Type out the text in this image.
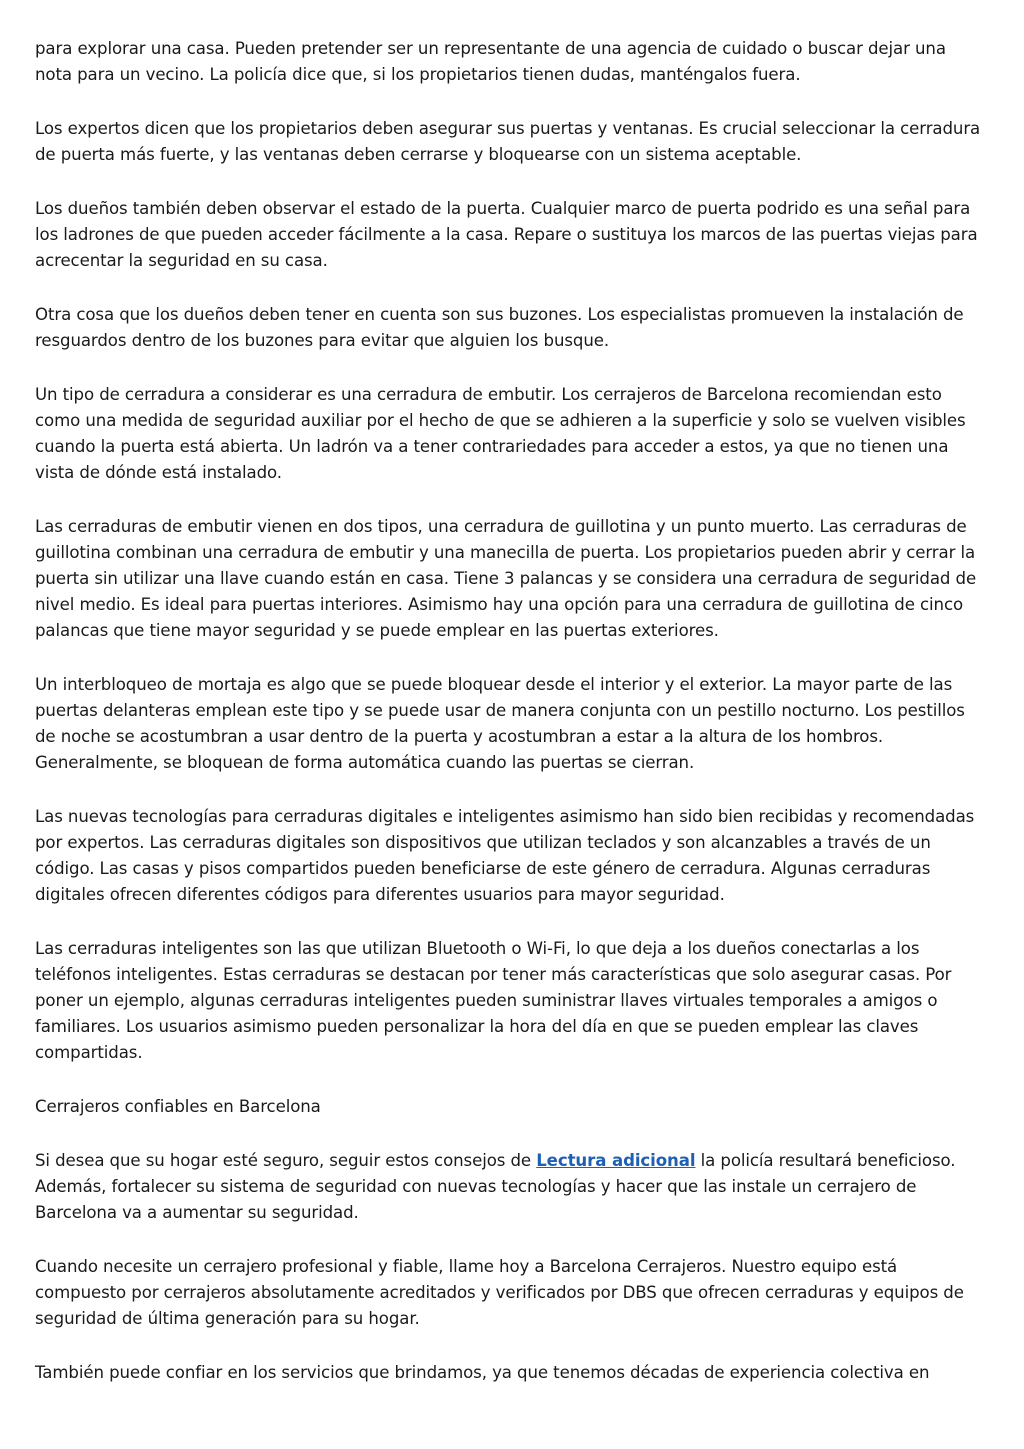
para explorar una casa. Pueden pretender ser un representante de una agencia de cuidado o buscar dejar una nota para un vecino. La policía dice que, si los propietarios tienen dudas, manténgalos fuera.

Los expertos dicen que los propietarios deben asegurar sus puertas y ventanas. Es crucial seleccionar la cerradura de puerta más fuerte, y las ventanas deben cerrarse y bloquearse con un sistema aceptable.

Los dueños también deben observar el estado de la puerta. Cualquier marco de puerta podrido es una señal para los ladrones de que pueden acceder fácilmente a la casa. Repare o sustituya los marcos de las puertas viejas para acrecentar la seguridad en su casa.

Otra cosa que los dueños deben tener en cuenta son sus buzones. Los especialistas promueven la instalación de resguardos dentro de los buzones para evitar que alguien los busque.

Un tipo de cerradura a considerar es una cerradura de embutir. Los cerrajeros de Barcelona recomiendan esto como una medida de seguridad auxiliar por el hecho de que se adhieren a la superficie y solo se vuelven visibles cuando la puerta está abierta. Un ladrón va a tener contrariedades para acceder a estos, ya que no tienen una vista de dónde está instalado.

Las cerraduras de embutir vienen en dos tipos, una cerradura de guillotina y un punto muerto. Las cerraduras de guillotina combinan una cerradura de embutir y una manecilla de puerta. Los propietarios pueden abrir y cerrar la puerta sin utilizar una llave cuando están en casa. Tiene 3 palancas y se considera una cerradura de seguridad de nivel medio. Es ideal para puertas interiores. Asimismo hay una opción para una cerradura de guillotina de cinco palancas que tiene mayor seguridad y se puede emplear en las puertas exteriores.

Un interbloqueo de mortaja es algo que se puede bloquear desde el interior y el exterior. La mayor parte de las puertas delanteras emplean este tipo y se puede usar de manera conjunta con un pestillo nocturno. Los pestillos de noche se acostumbran a usar dentro de la puerta y acostumbran a estar a la altura de los hombros. Generalmente, se bloquean de forma automática cuando las puertas se cierran.

Las nuevas tecnologías para cerraduras digitales e inteligentes asimismo han sido bien recibidas y recomendadas por expertos. Las cerraduras digitales son dispositivos que utilizan teclados y son alcanzables a través de un código. Las casas y pisos compartidos pueden beneficiarse de este género de cerradura. Algunas cerraduras digitales ofrecen diferentes códigos para diferentes usuarios para mayor seguridad.

Las cerraduras inteligentes son las que utilizan Bluetooth o Wi-Fi, lo que deja a los dueños conectarlas a los teléfonos inteligentes. Estas cerraduras se destacan por tener más características que solo asegurar casas. Por poner un ejemplo, algunas cerraduras inteligentes pueden suministrar llaves virtuales temporales a amigos o familiares. Los usuarios asimismo pueden personalizar la hora del día en que se pueden emplear las claves compartidas.

Cerrajeros confiables en Barcelona

Si desea que su hogar esté seguro, seguir estos consejos de Lectura adicional la policía resultará beneficioso. Además, fortalecer su sistema de seguridad con nuevas tecnologías y hacer que las instale un cerrajero de Barcelona va a aumentar su seguridad.

Cuando necesite un cerrajero profesional y fiable, llame hoy a Barcelona Cerrajeros. Nuestro equipo está compuesto por cerrajeros absolutamente acreditados y verificados por DBS que ofrecen cerraduras y equipos de seguridad de última generación para su hogar.

También puede confiar en los servicios que brindamos, ya que tenemos décadas de experiencia colectiva en
